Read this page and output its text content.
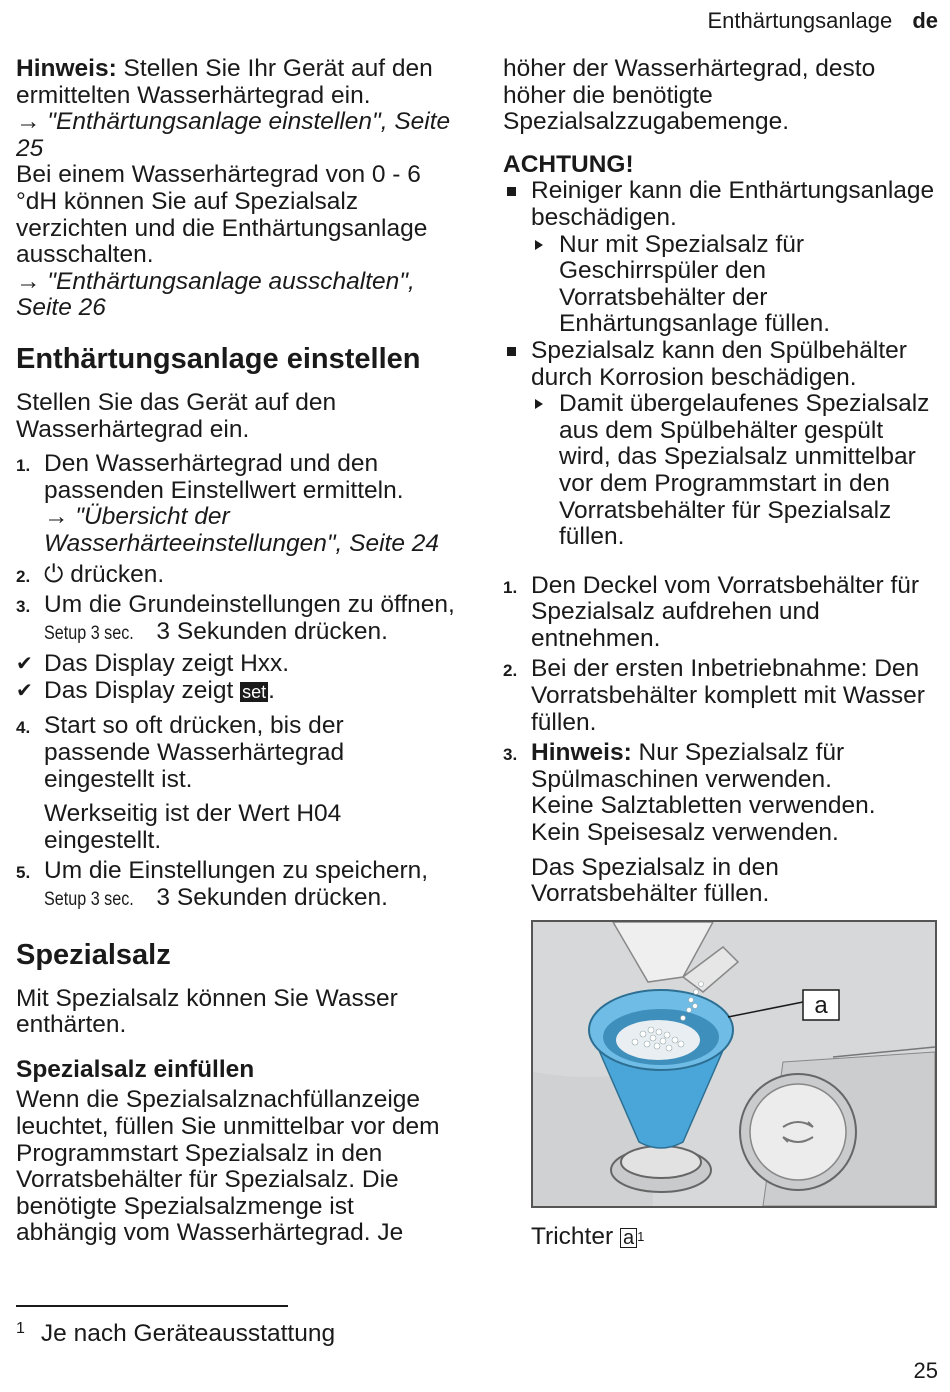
Enthärtungsanlage de

Hinweis: Stellen Sie Ihr Gerät auf den ermittelten Wasserhärtegrad ein.

→ "Enthärtungsanlage einstellen", Seite 25

Bei einem Wasserhärtegrad von 0 - 6 °dH können Sie auf Spezialsalz verzichten und die Enthärtungsanlage ausschalten.

→ "Enthärtungsanlage ausschalten", Seite 26

Enthärtungsanlage einstellen

Stellen Sie das Gerät auf den Wasserhärtegrad ein.

1. Den Wasserhärtegrad und den passenden Einstellwert ermitteln.
→ "Übersicht der Wasserhärteeinstellungen", Seite 24
2. ⏻ drücken.
3. Um die Grundeinstellungen zu öffnen, Setup 3 sec. 3 Sekunden drücken.
✔ Das Display zeigt Hxx.
✔ Das Display zeigt set.
4. Start so oft drücken, bis der passende Wasserhärtegrad eingestellt ist.
Werkseitig ist der Wert H04 eingestellt.
5. Um die Einstellungen zu speichern, Setup 3 sec. 3 Sekunden drücken.
Spezialsalz

Mit Spezialsalz können Sie Wasser enthärten.

Spezialsalz einfüllen

Wenn die Spezialsalznachfüllanzeige leuchtet, füllen Sie unmittelbar vor dem Programmstart Spezialsalz in den Vorratsbehälter für Spezialsalz. Die benötigte Spezialsalzmenge ist abhängig vom Wasserhärtegrad. Je

höher der Wasserhärtegrad, desto höher die benötigte Spezialsalzzugabemenge.

ACHTUNG!
Reiniger kann die Enthärtungsanlage beschädigen.
Nur mit Spezialsalz für Geschirrspüler den Vorratsbehälter der Enhärtungsanlage füllen.
Spezialsalz kann den Spülbehälter durch Korrosion beschädigen.
Damit übergelaufenes Spezialsalz aus dem Spülbehälter gespült wird, das Spezialsalz unmittelbar vor dem Programmstart in den Vorratsbehälter für Spezialsalz füllen.
1. Den Deckel vom Vorratsbehälter für Spezialsalz aufdrehen und entnehmen.
2. Bei der ersten Inbetriebnahme: Den Vorratsbehälter komplett mit Wasser füllen.
3. Hinweis: Nur Spezialsalz für Spülmaschinen verwenden.
Keine Salztabletten verwenden.
Kein Speisesalz verwenden.
Das Spezialsalz in den Vorratsbehälter füllen.
a
Trichter a $^1$
$^1$ Je nach Geräteausstattung
25
